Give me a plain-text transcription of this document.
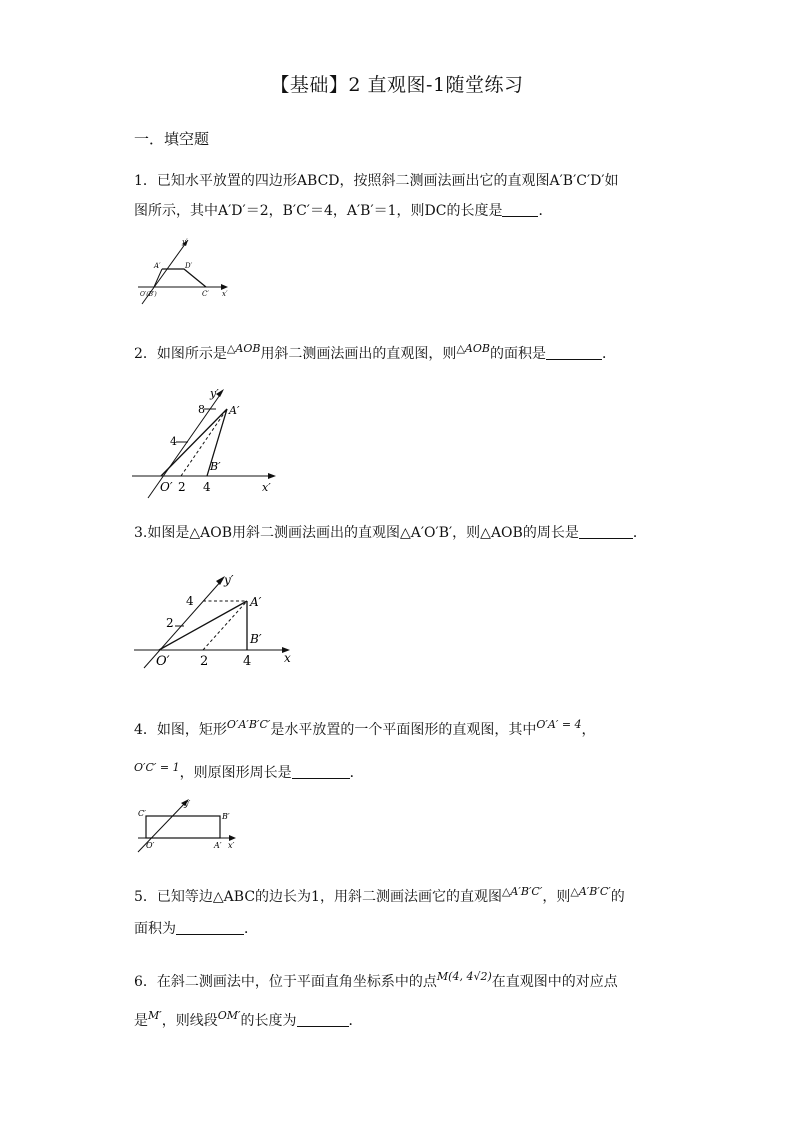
【基础】2 直观图-1随堂练习
一．填空题
1．已知水平放置的四边形ABCD，按照斜二测画法画出它的直观图A′B′C′D′如
图所示，其中A′D′＝2，B′C′＝4，A′B′＝1，则DC的长度是	．
y′
A′	D′
C′ x′
O′(B′)
2．如图所示是$^{\triangle AOB}$用斜二测画法画出的直观图，则$^{\triangle AOB}$的面积是	．
y′
8 A′
4
B′
O′ 2 4	x′
3.如图是△AOB用斜二测画法画出的直观图△A′O′B′，则△AOB的周长是	．
y′
4	A′
2
B′
O′ 2	4	x
4．如图，矩形$^{O'A'B'C'}$是水平放置的一个平面图形的直观图，其中$^{O'A' = 4}$，
$^{O'C' = 1}$，则原图形周长是	．
C′
y′
B′
O′	A′ x′
5．已知等边△ABC的边长为1，用斜二测画法画它的直观图$^{\triangle A'B'C'}$，则$^{\triangle A'B'C'}$的
面积为	．
6．在斜二测画法中，位于平面直角坐标系中的点$^{M(4, 4√2)}$在直观图中的对应点
是$^{M'}$，则线段$^{OM'}$的长度为	．
